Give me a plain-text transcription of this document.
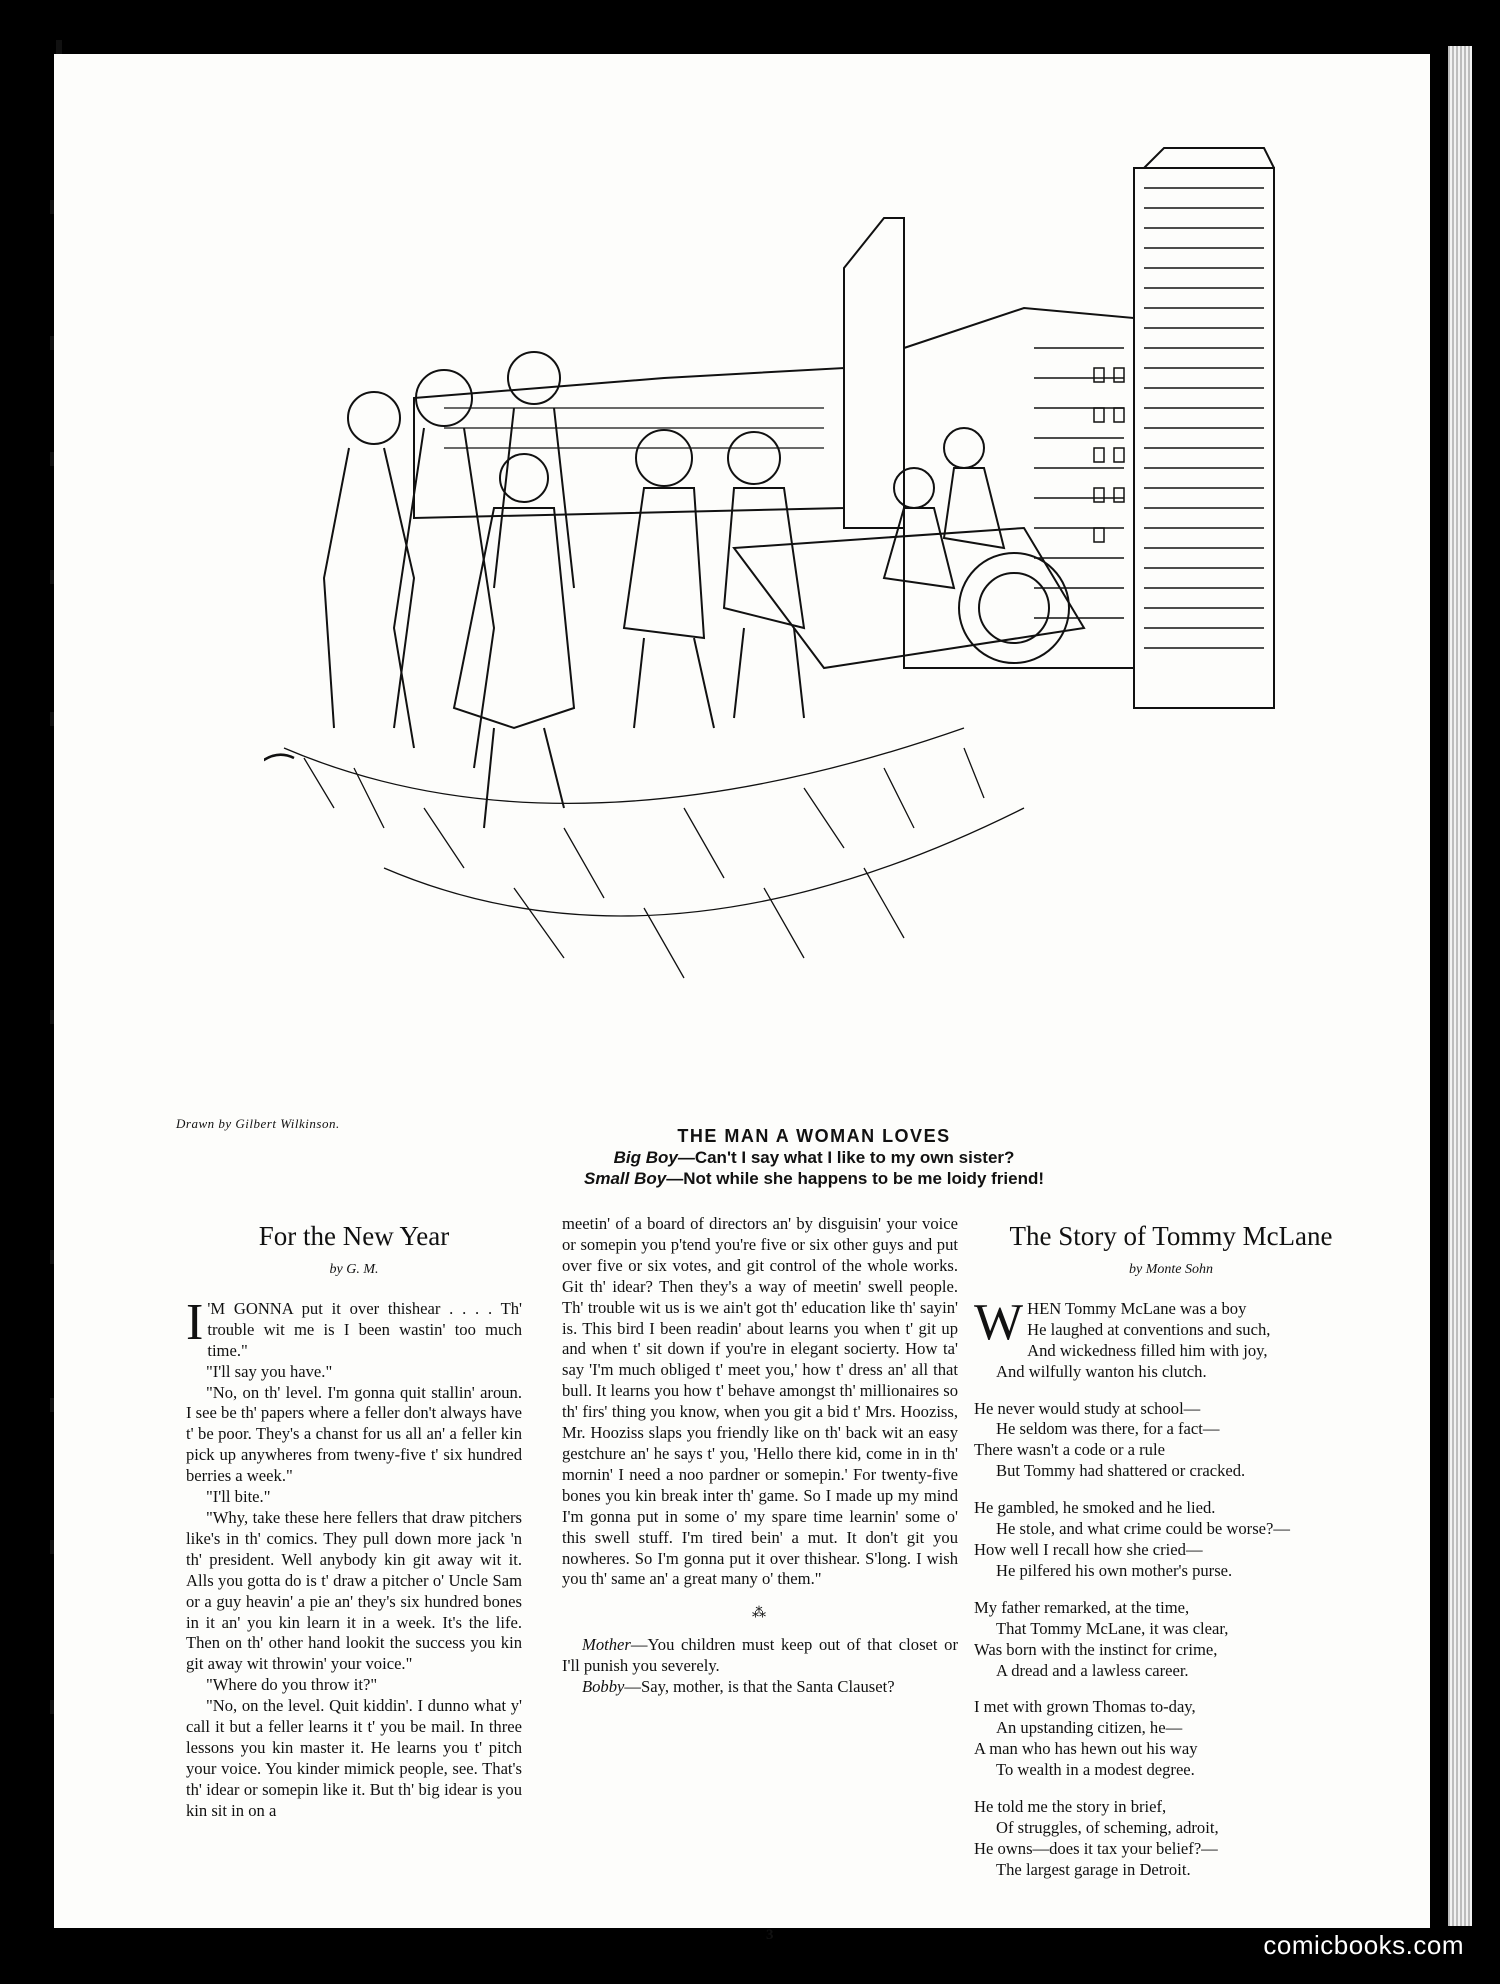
Drawn by Gilbert Wilkinson.
THE MAN A WOMAN LOVES
Big Boy—Can't I say what I like to my own sister?
Small Boy—Not while she happens to be me loidy friend!
For the New Year
by G. M.

I 'M GONNA put it over thishear . . . . Th' trouble wit me is I been wastin' too much time."

"I'll say you have."

"No, on th' level. I'm gonna quit stallin' aroun. I see be th' papers where a feller don't always have t' be poor. They's a chanst for us all an' a feller kin pick up anywheres from tweny-five t' six hundred berries a week."

"I'll bite."

"Why, take these here fellers that draw pitchers like's in th' comics. They pull down more jack 'n th' president. Well anybody kin git away wit it. Alls you gotta do is t' draw a pitcher o' Uncle Sam or a guy heavin' a pie an' they's six hundred bones in it an' you kin learn it in a week. It's the life. Then on th' other hand lookit the success you kin git away wit throwin' your voice."

"Where do you throw it?"

"No, on the level. Quit kiddin'. I dunno what y' call it but a feller learns it t' you be mail. In three lessons you kin master it. He learns you t' pitch your voice. You kinder mimick people, see. That's th' idear or somepin like it. But th' big idear is you kin sit in on a

meetin' of a board of directors an' by disguisin' your voice or somepin you p'tend you're five or six other guys and put over five or six votes, and git control of the whole works. Git th' idear? Then they's a way of meetin' swell people. Th' trouble wit us is we ain't got th' education like th' sayin' is. This bird I been readin' about learns you when t' git up and when t' sit down if you're in elegant socierty. How ta' say 'I'm much obliged t' meet you,' how t' dress an' all that bull. It learns you how t' behave amongst th' millionaires so th' firs' thing you know, when you git a bid t' Mrs. Hooziss, Mr. Hooziss slaps you friendly like on th' back wit an easy gestchure an' he says t' you, 'Hello there kid, come in in th' mornin' I need a noo pardner or somepin.' For twenty-five bones you kin break inter th' game. So I made up my mind I'm gonna put in some o' my spare time learnin' some o' this swell stuff. I'm tired bein' a mut. It don't git you nowheres. So I'm gonna put it over thishear. S'long. I wish you th' same an' a great many o' them."

⁂

Mother—You children must keep out of that closet or I'll punish you severely.

Bobby—Say, mother, is that the Santa Clauset?

The Story of Tommy McLane
by Monte Sohn
WHEN Tommy McLane was a boy
He laughed at conventions and such,
And wickedness filled him with joy,
And wilfully wanton his clutch.
He never would study at school—
He seldom was there, for a fact—
There wasn't a code or a rule
But Tommy had shattered or cracked.
He gambled, he smoked and he lied.
He stole, and what crime could be worse?—
How well I recall how she cried—
He pilfered his own mother's purse.
My father remarked, at the time,
That Tommy McLane, it was clear,
Was born with the instinct for crime,
A dread and a lawless career.
I met with grown Thomas to-day,
An upstanding citizen, he—
A man who has hewn out his way
To wealth in a modest degree.
He told me the story in brief,
Of struggles, of scheming, adroit,
He owns—does it tax your belief?—
The largest garage in Detroit.
3	comicbooks.com
